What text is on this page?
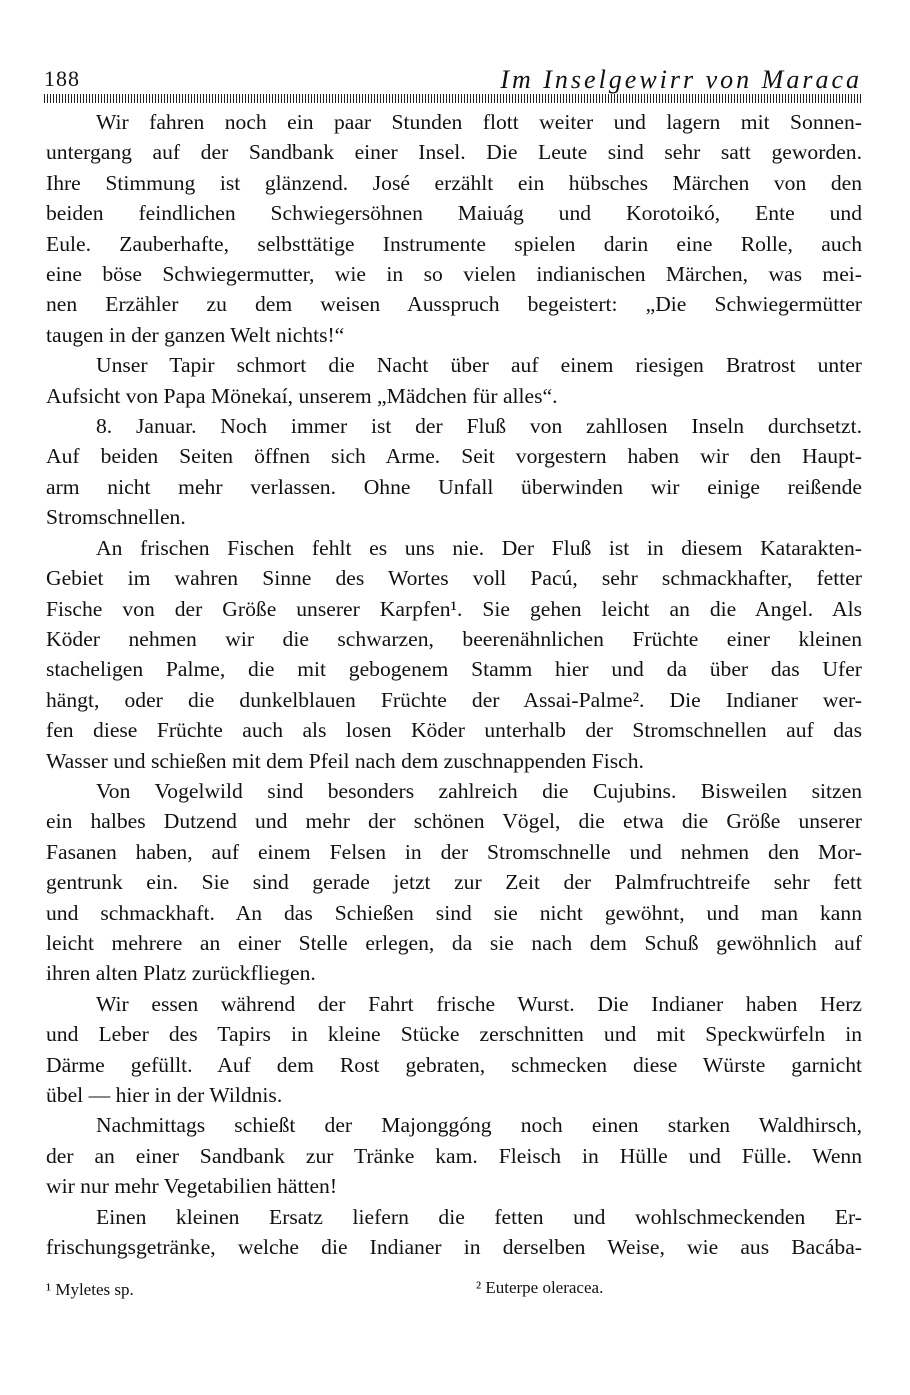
188	Im Inselgewirr von Maraca
Wir fahren noch ein paar Stunden flott weiter und lagern mit Sonnen-
untergang auf der Sandbank einer Insel. Die Leute sind sehr satt geworden.
Ihre Stimmung ist glänzend. José erzählt ein hübsches Märchen von den
beiden feindlichen Schwiegersöhnen Maiuág und Korotoikó, Ente und
Eule. Zauberhafte, selbsttätige Instrumente spielen darin eine Rolle, auch
eine böse Schwiegermutter, wie in so vielen indianischen Märchen, was mei-
nen Erzähler zu dem weisen Ausspruch begeistert: „Die Schwiegermütter
taugen in der ganzen Welt nichts!“
Unser Tapir schmort die Nacht über auf einem riesigen Bratrost unter
Aufsicht von Papa Mönekaí, unserem „Mädchen für alles“.
8. Januar. Noch immer ist der Fluß von zahllosen Inseln durchsetzt.
Auf beiden Seiten öffnen sich Arme. Seit vorgestern haben wir den Haupt-
arm nicht mehr verlassen. Ohne Unfall überwinden wir einige reißende
Stromschnellen.
An frischen Fischen fehlt es uns nie. Der Fluß ist in diesem Katarakten-
Gebiet im wahren Sinne des Wortes voll Pacú, sehr schmackhafter, fetter
Fische von der Größe unserer Karpfen¹. Sie gehen leicht an die Angel. Als
Köder nehmen wir die schwarzen, beerenähnlichen Früchte einer kleinen
stacheligen Palme, die mit gebogenem Stamm hier und da über das Ufer
hängt, oder die dunkelblauen Früchte der Assai-Palme². Die Indianer wer-
fen diese Früchte auch als losen Köder unterhalb der Stromschnellen auf das
Wasser und schießen mit dem Pfeil nach dem zuschnappenden Fisch.
Von Vogelwild sind besonders zahlreich die Cujubins. Bisweilen sitzen
ein halbes Dutzend und mehr der schönen Vögel, die etwa die Größe unserer
Fasanen haben, auf einem Felsen in der Stromschnelle und nehmen den Mor-
gentrunk ein. Sie sind gerade jetzt zur Zeit der Palmfruchtreife sehr fett
und schmackhaft. An das Schießen sind sie nicht gewöhnt, und man kann
leicht mehrere an einer Stelle erlegen, da sie nach dem Schuß gewöhnlich auf
ihren alten Platz zurückfliegen.
Wir essen während der Fahrt frische Wurst. Die Indianer haben Herz
und Leber des Tapirs in kleine Stücke zerschnitten und mit Speckwürfeln in
Därme gefüllt. Auf dem Rost gebraten, schmecken diese Würste garnicht
übel — hier in der Wildnis.
Nachmittags schießt der Majonggóng noch einen starken Waldhirsch,
der an einer Sandbank zur Tränke kam. Fleisch in Hülle und Fülle. Wenn
wir nur mehr Vegetabilien hätten!
Einen kleinen Ersatz liefern die fetten und wohlschmeckenden Er-
frischungsgetränke, welche die Indianer in derselben Weise, wie aus Bacába-
¹ Myletes sp.	² Euterpe oleracea.
